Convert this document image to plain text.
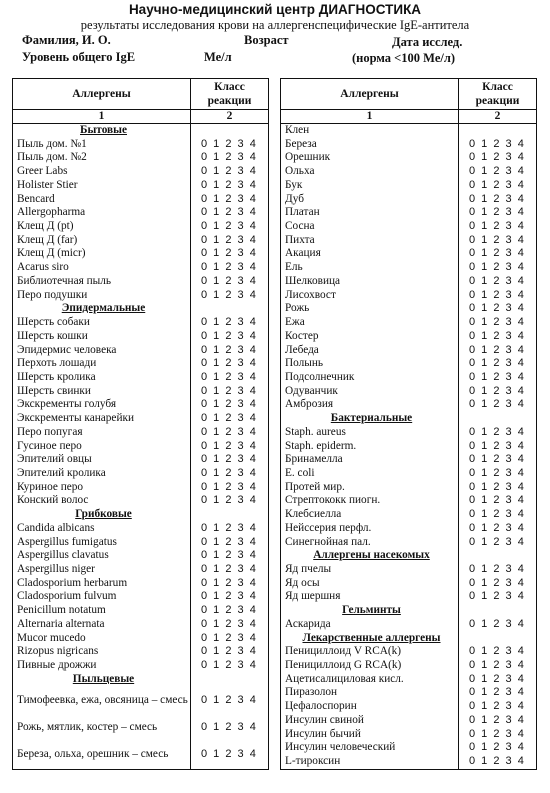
Научно-медицинский центр ДИАГНОСТИКА
результаты исследования крови на аллергенспецифические IgE-антитела
Фамилия, И. О.	Возраст	Дата исслед.
Уровень общего IgE	Ме/л	(норма <100 Ме/л)
Аллергены	Класс
реакции
1	2
Бытовые	
Пыль дом. №1	0 1 2 3 4
Пыль дом. №2	0 1 2 3 4
Greer Labs	0 1 2 3 4
Holister Stier	0 1 2 3 4
Bencard	0 1 2 3 4
Allergopharma	0 1 2 3 4
Клещ Д (pt)	0 1 2 3 4
Клещ Д (far)	0 1 2 3 4
Клещ Д (micr)	0 1 2 3 4
Acarus siro	0 1 2 3 4
Библиотечная пыль	0 1 2 3 4
Перо подушки	0 1 2 3 4
Эпидермальные	
Шерсть собаки	0 1 2 3 4
Шерсть кошки	0 1 2 3 4
Эпидермис человека	0 1 2 3 4
Перхоть лошади	0 1 2 3 4
Шерсть кролика	0 1 2 3 4
Шерсть свинки	0 1 2 3 4
Экскременты голубя	0 1 2 3 4
Экскременты канарейки	0 1 2 3 4
Перо попугая	0 1 2 3 4
Гусиное перо	0 1 2 3 4
Эпителий овцы	0 1 2 3 4
Эпителий кролика	0 1 2 3 4
Куриное перо	0 1 2 3 4
Конский волос	0 1 2 3 4
Грибковые	
Candida albicans	0 1 2 3 4
Aspergillus fumigatus	0 1 2 3 4
Aspergillus clavatus	0 1 2 3 4
Aspergillus niger	0 1 2 3 4
Cladosporium herbarum	0 1 2 3 4
Cladosporium fulvum	0 1 2 3 4
Penicillum notatum	0 1 2 3 4
Alternaria alternata	0 1 2 3 4
Mucor mucedo	0 1 2 3 4
Rizopus nigricans	0 1 2 3 4
Пивные дрожжи	0 1 2 3 4
Пыльцевые	
Тимофеевка, ежа, овсяница – смесь	0 1 2 3 4
Рожь, мятлик, костер – смесь	0 1 2 3 4
Береза, ольха, орешник – смесь	0 1 2 3 4
Аллергены	Класс
реакции
1	2
Клен	
Береза	0 1 2 3 4
Орешник	0 1 2 3 4
Ольха	0 1 2 3 4
Бук	0 1 2 3 4
Дуб	0 1 2 3 4
Платан	0 1 2 3 4
Сосна	0 1 2 3 4
Пихта	0 1 2 3 4
Акация	0 1 2 3 4
Ель	0 1 2 3 4
Шелковица	0 1 2 3 4
Лисохвост	0 1 2 3 4
Рожь	0 1 2 3 4
Ежа	0 1 2 3 4
Костер	0 1 2 3 4
Лебеда	0 1 2 3 4
Полынь	0 1 2 3 4
Подсолнечник	0 1 2 3 4
Одуванчик	0 1 2 3 4
Амброзия	0 1 2 3 4
Бактериальные	
Staph. aureus	0 1 2 3 4
Staph. epiderm.	0 1 2 3 4
Бринамелла	0 1 2 3 4
E. coli	0 1 2 3 4
Протей мир.	0 1 2 3 4
Стрептококк пиогн.	0 1 2 3 4
Клебсиелла	0 1 2 3 4
Нейссерия перфл.	0 1 2 3 4
Синегнойная пал.	0 1 2 3 4
Аллергены насекомых	
Яд пчелы	0 1 2 3 4
Яд осы	0 1 2 3 4
Яд шершня	0 1 2 3 4
Гельминты	
Аскарида	0 1 2 3 4
Лекарственные аллергены	
Пенициллоид V RCA(k)	0 1 2 3 4
Пенициллоид G RCA(k)	0 1 2 3 4
Ацетисалициловая кисл.	0 1 2 3 4
Пиразолон	0 1 2 3 4
Цефалоспорин	0 1 2 3 4
Инсулин свиной	0 1 2 3 4
Инсулин бычий	0 1 2 3 4
Инсулин человеческий	0 1 2 3 4
L-тироксин	0 1 2 3 4
